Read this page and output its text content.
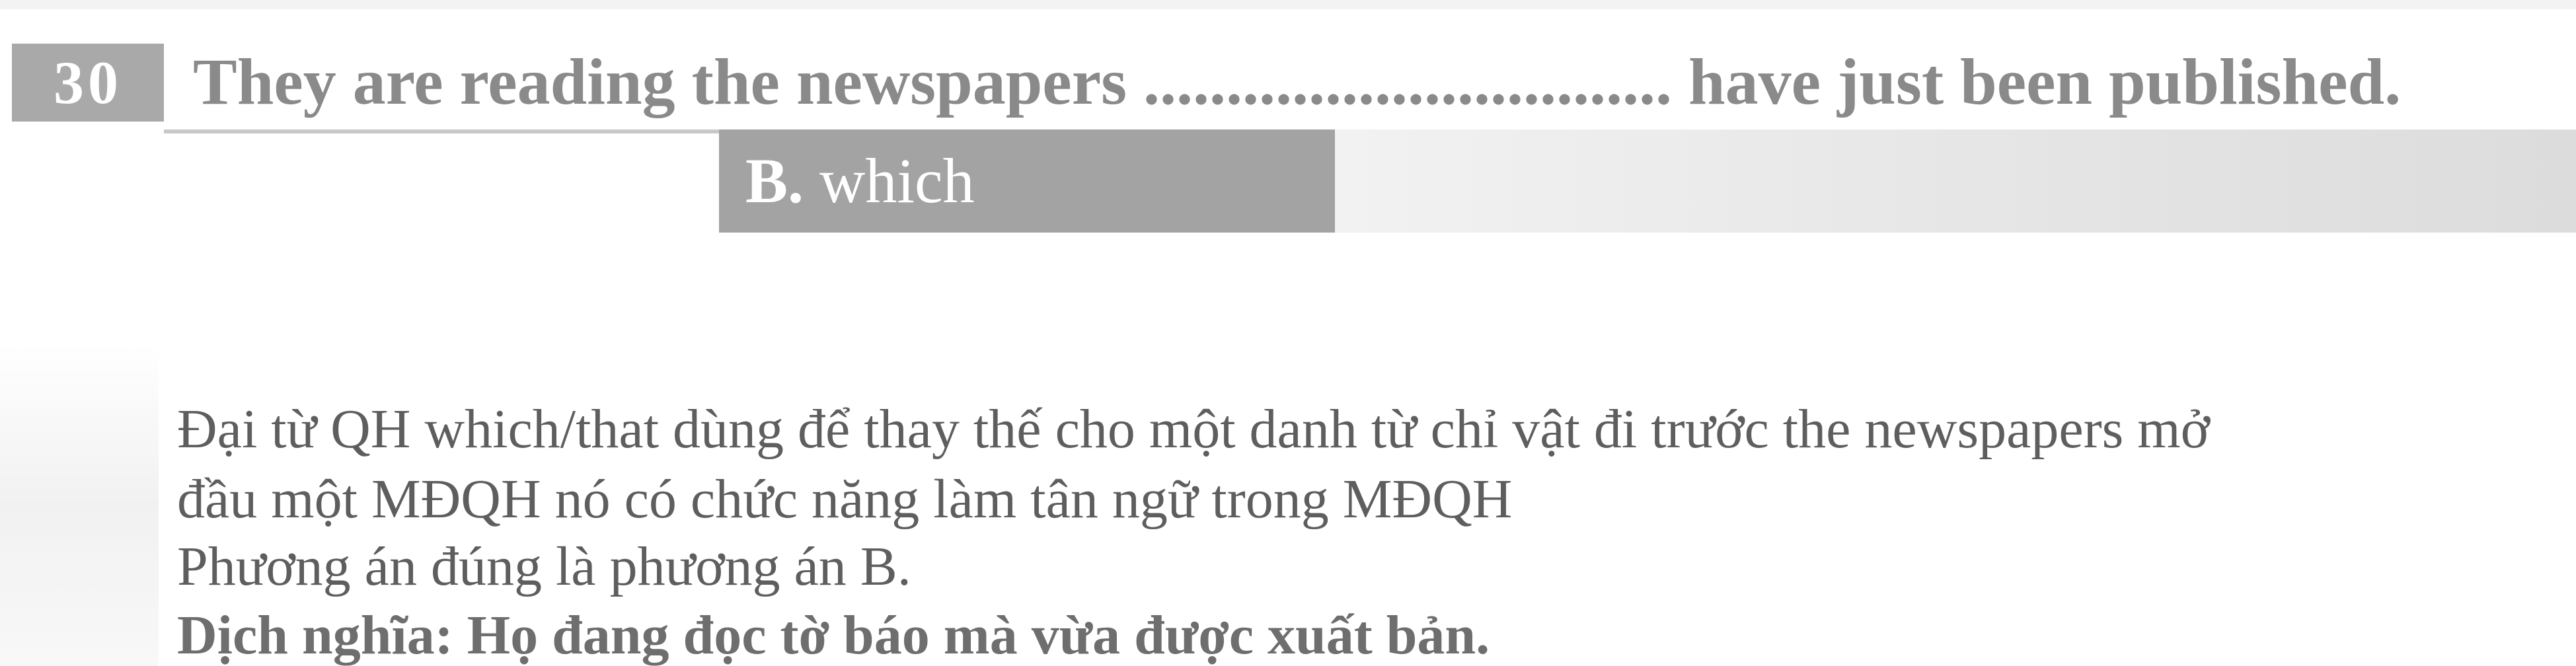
30	They are reading the newspapers ................................ have just been published.
B. which
Đại từ QH which/that dùng để thay thế cho một danh từ chỉ vật đi trước the newspapers mở
đầu một MĐQH nó có chức năng làm tân ngữ trong MĐQH
Phương án đúng là phương án B.
Dịch nghĩa: Họ đang đọc tờ báo mà vừa được xuất bản.
